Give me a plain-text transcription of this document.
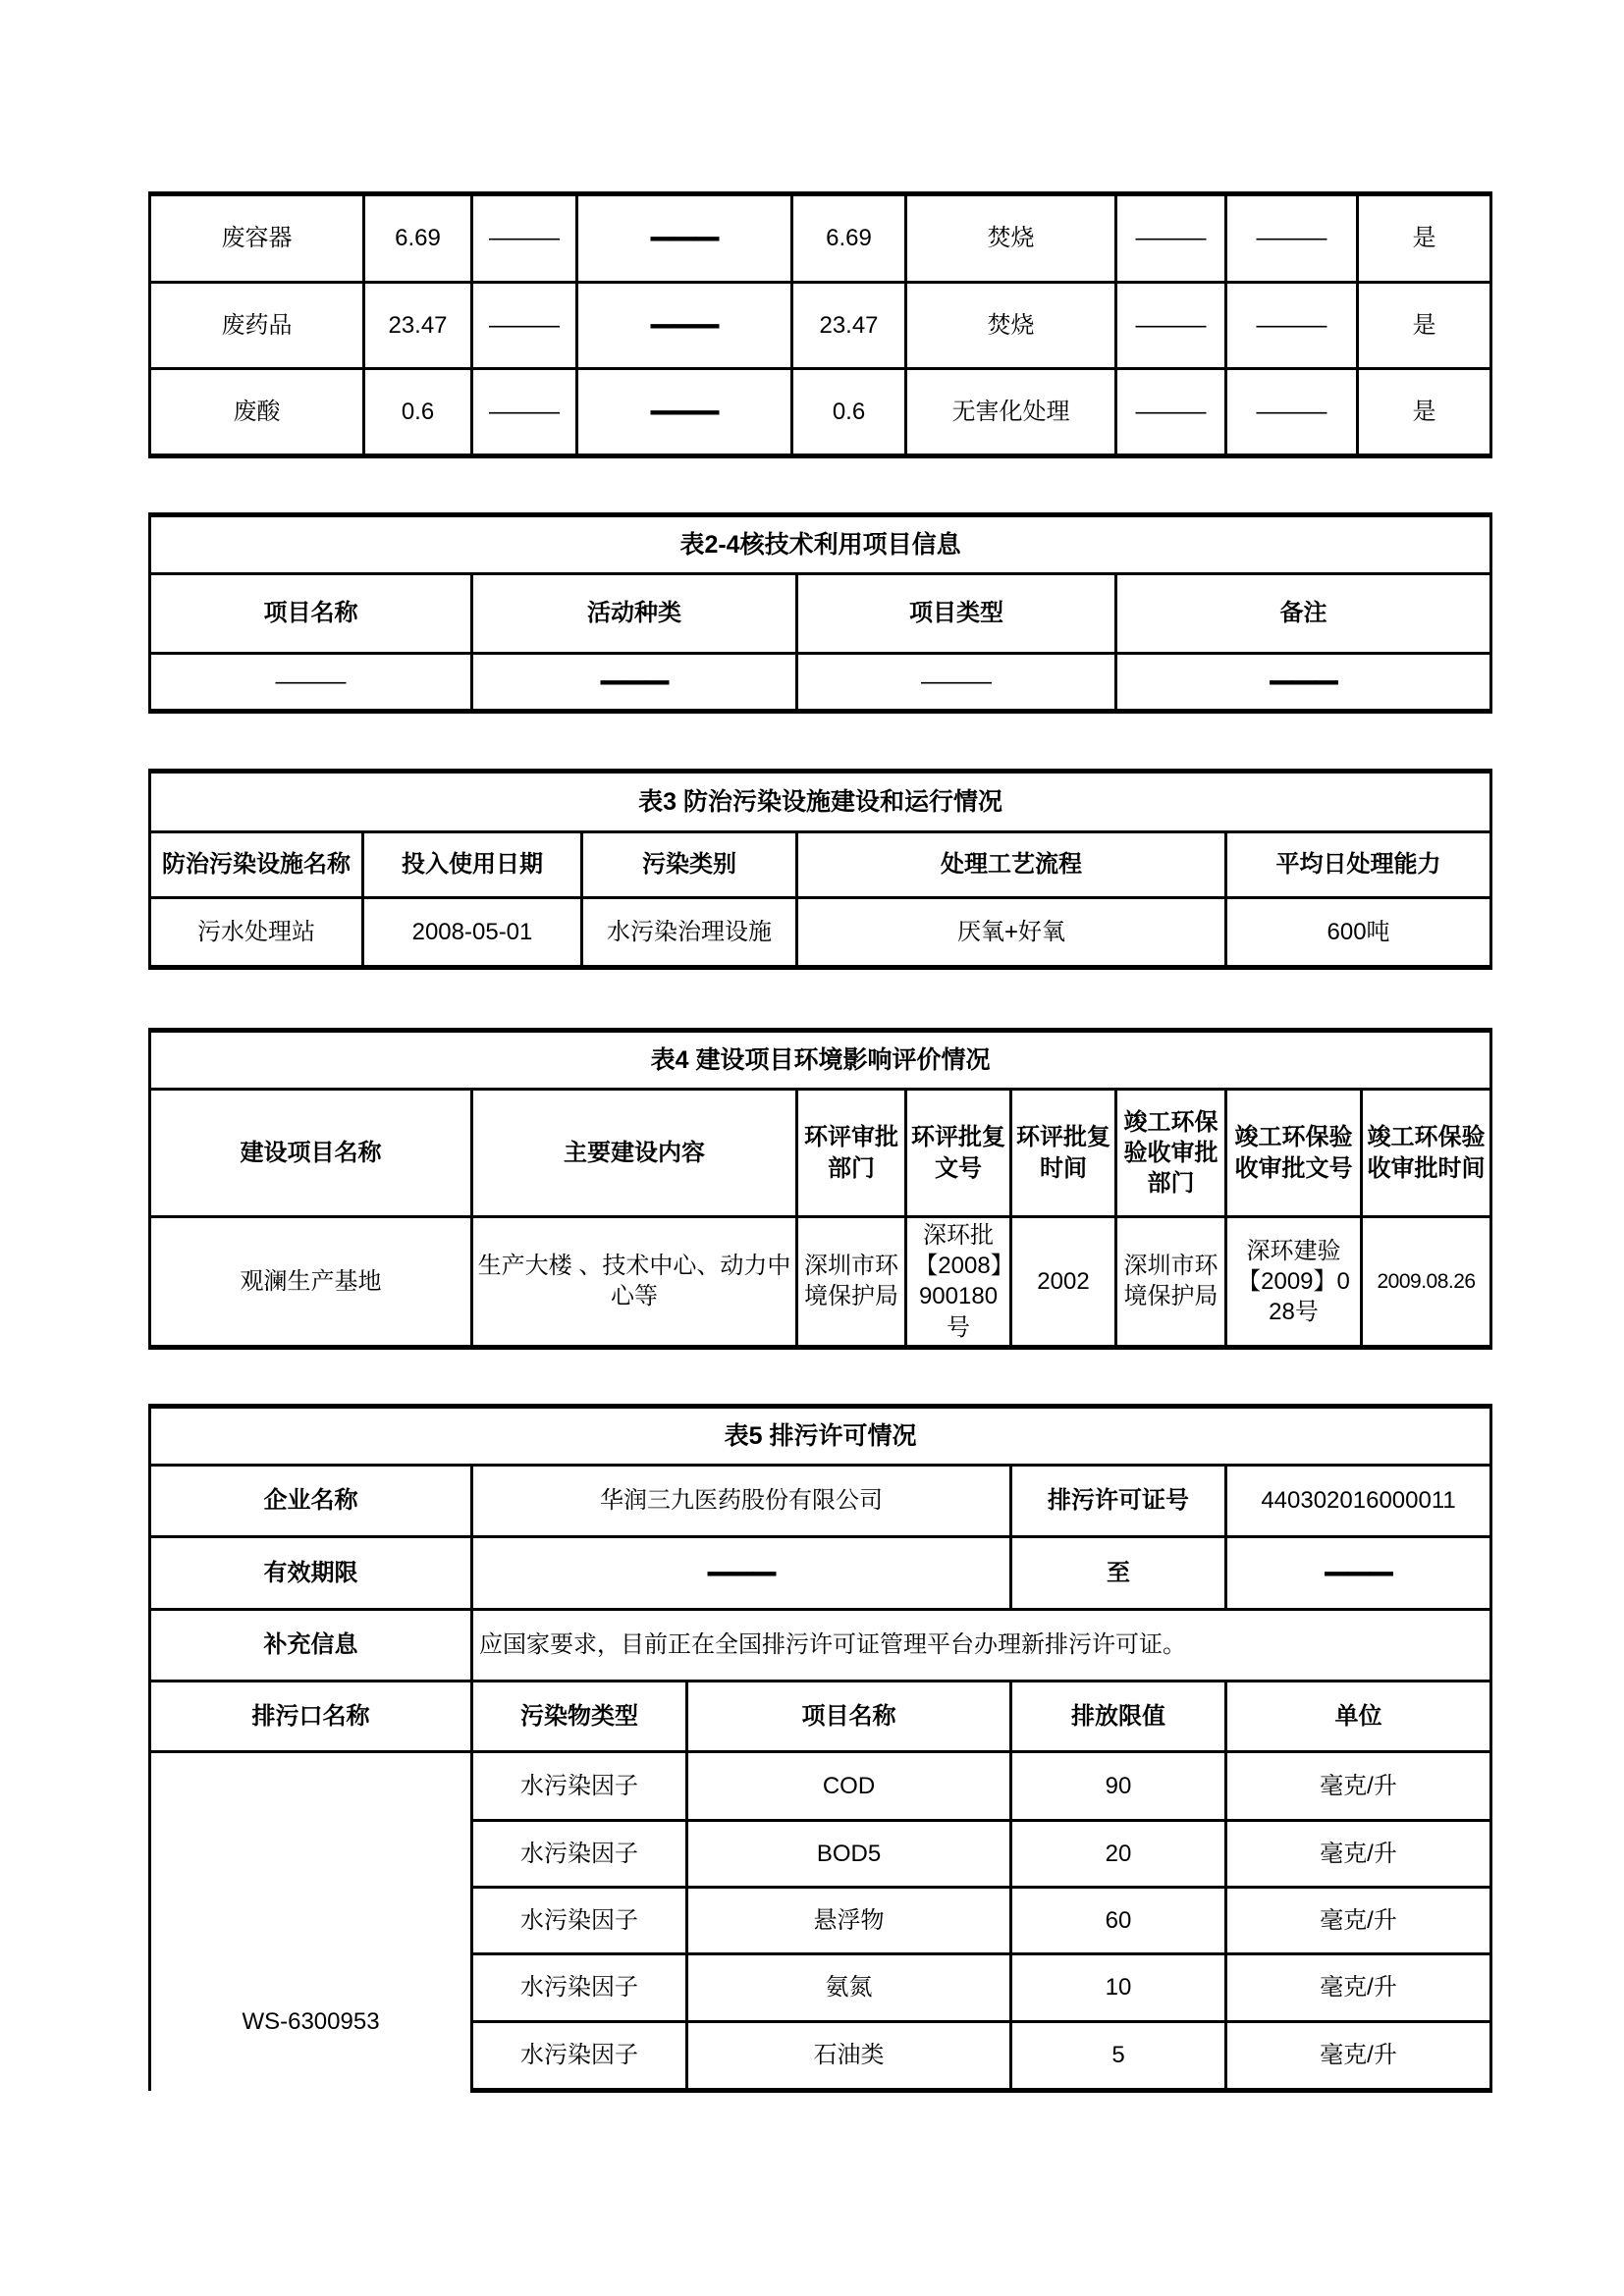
废容器	6.69	———	———	6.69	焚烧	———	———	是
废药品	23.47	———	———	23.47	焚烧	———	———	是
废酸	0.6	———	———	0.6	无害化处理	———	———	是
表2-4核技术利用项目信息			
项目名称	活动种类	项目类型	备注
———	———	———	———
表3 防治污染设施建设和运行情况				
防治污染设施名称	投入使用日期	污染类别	处理工艺流程	平均日处理能力
污水处理站	2008-05-01	水污染治理设施	厌氧+好氧	600吨
表4 建设项目环境影响评价情况							
建设项目名称	主要建设内容	环评审批部门	环评批复文号	环评批复时间	竣工环保验收审批部门	竣工环保验收审批文号	竣工环保验收审批时间
观澜生产基地	生产大楼 、技术中心、动力中心等	深圳市环境保护局	深环批【2008】900180号	2002	深圳市环境保护局	深环建验【2009】028号	2009.08.26
表5 排污许可情况				
企业名称	华润三九医药股份有限公司		排污许可证号	440302016000011
有效期限	———		至	———
补充信息	应国家要求，目前正在全国排污许可证管理平台办理新排污许可证。			
排污口名称	污染物类型	项目名称	排放限值	单位

WS-6300953	水污染因子	COD	90	毫克/升
	水污染因子	BOD5	20	毫克/升
	水污染因子	悬浮物	60	毫克/升
	水污染因子	氨氮	10	毫克/升
	水污染因子	石油类	5	毫克/升
